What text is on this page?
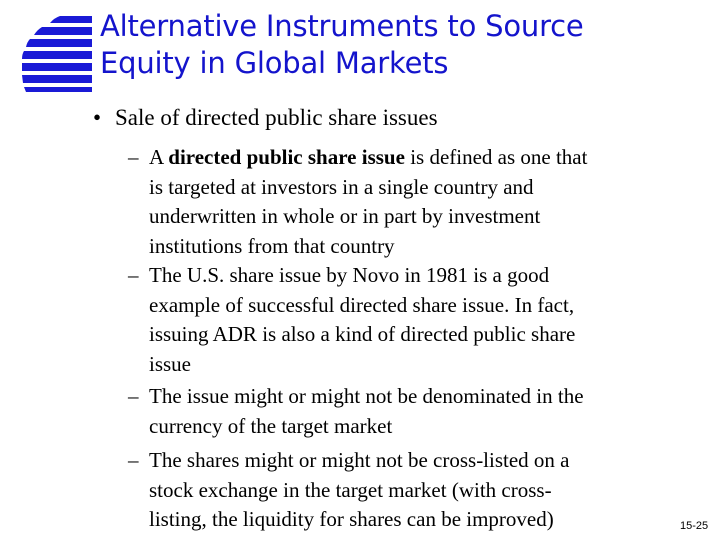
Alternative Instruments to Source
Equity in Global Markets
• Sale of directed public share issues
– A directed public share issue is defined as one that
is targeted at investors in a single country and
underwritten in whole or in part by investment
institutions from that country
– The U.S. share issue by Novo in 1981 is a good
example of successful directed share issue. In fact,
issuing ADR is also a kind of directed public share
issue
– The issue might or might not be denominated in the
currency of the target market
– The shares might or might not be cross-listed on a
stock exchange in the target market (with cross-
listing, the liquidity for shares can be improved)	15-25
